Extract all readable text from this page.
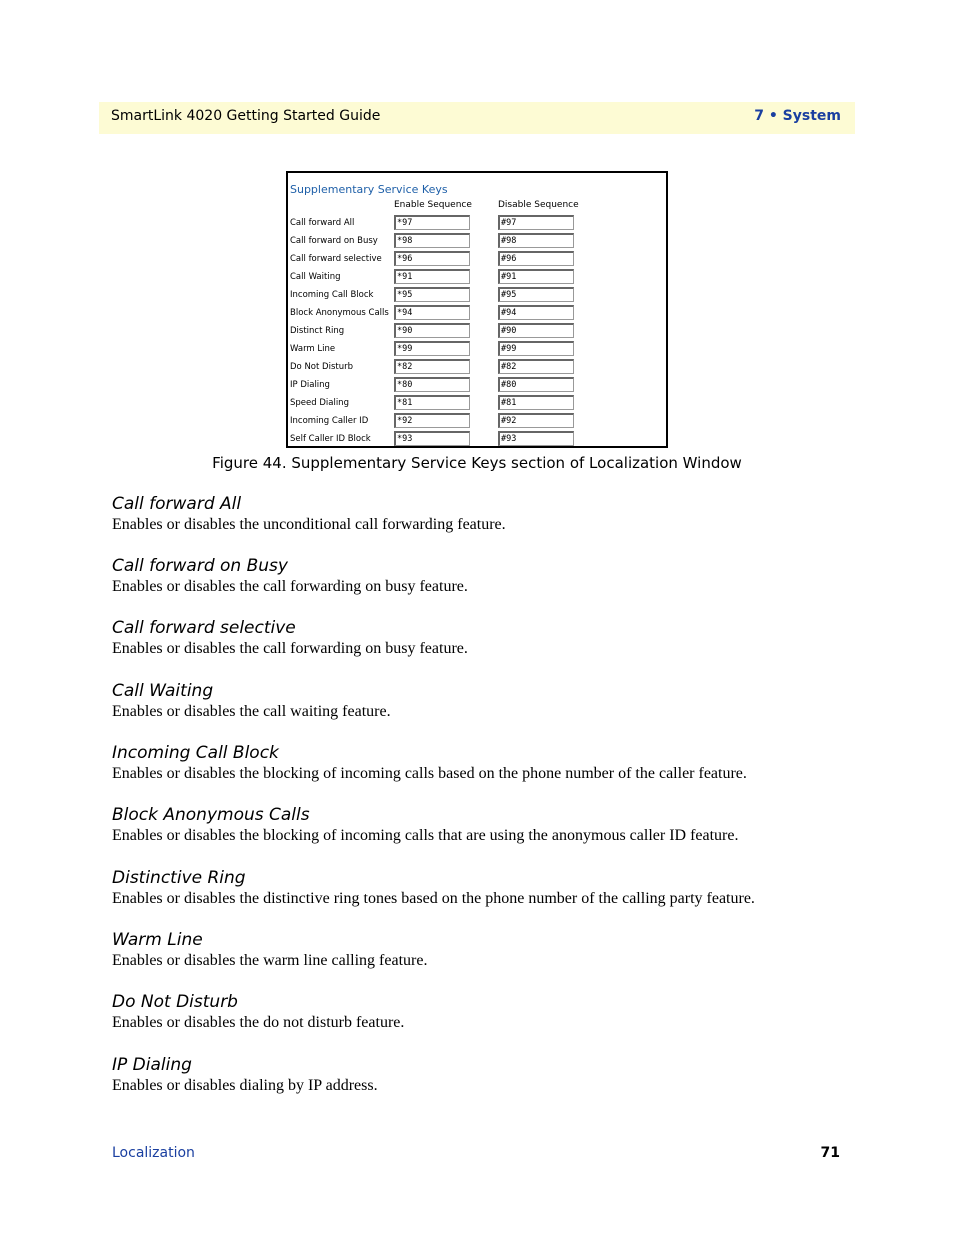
SmartLink 4020 Getting Started Guide	7 • System
Supplementary Service Keys
Enable Sequence	Disable Sequence
Call forward All	*97	#97
Call forward on Busy	*98	#98
Call forward selective	*96	#96
Call Waiting	*91	#91
Incoming Call Block	*95	#95
Block Anonymous Calls *94	#94
Distinct Ring	*90	#90
Warm Line	*99	#99
Do Not Disturb	*82	#82
IP Dialing	*80	#80
Speed Dialing	*81	#81
Incoming Caller ID	*92	#92
Self Caller ID Block	*93	#93
Figure 44. Supplementary Service Keys section of Localization Window
Call forward All

Enables or disables the unconditional call forwarding feature.

Call forward on Busy

Enables or disables the call forwarding on busy feature.

Call forward selective

Enables or disables the call forwarding on busy feature.

Call Waiting

Enables or disables the call waiting feature.

Incoming Call Block

Enables or disables the blocking of incoming calls based on the phone number of the caller feature.

Block Anonymous Calls

Enables or disables the blocking of incoming calls that are using the anonymous caller ID feature.

Distinctive Ring

Enables or disables the distinctive ring tones based on the phone number of the calling party feature.

Warm Line

Enables or disables the warm line calling feature.

Do Not Disturb

Enables or disables the do not disturb feature.

IP Dialing

Enables or disables dialing by IP address.

Localization	71
